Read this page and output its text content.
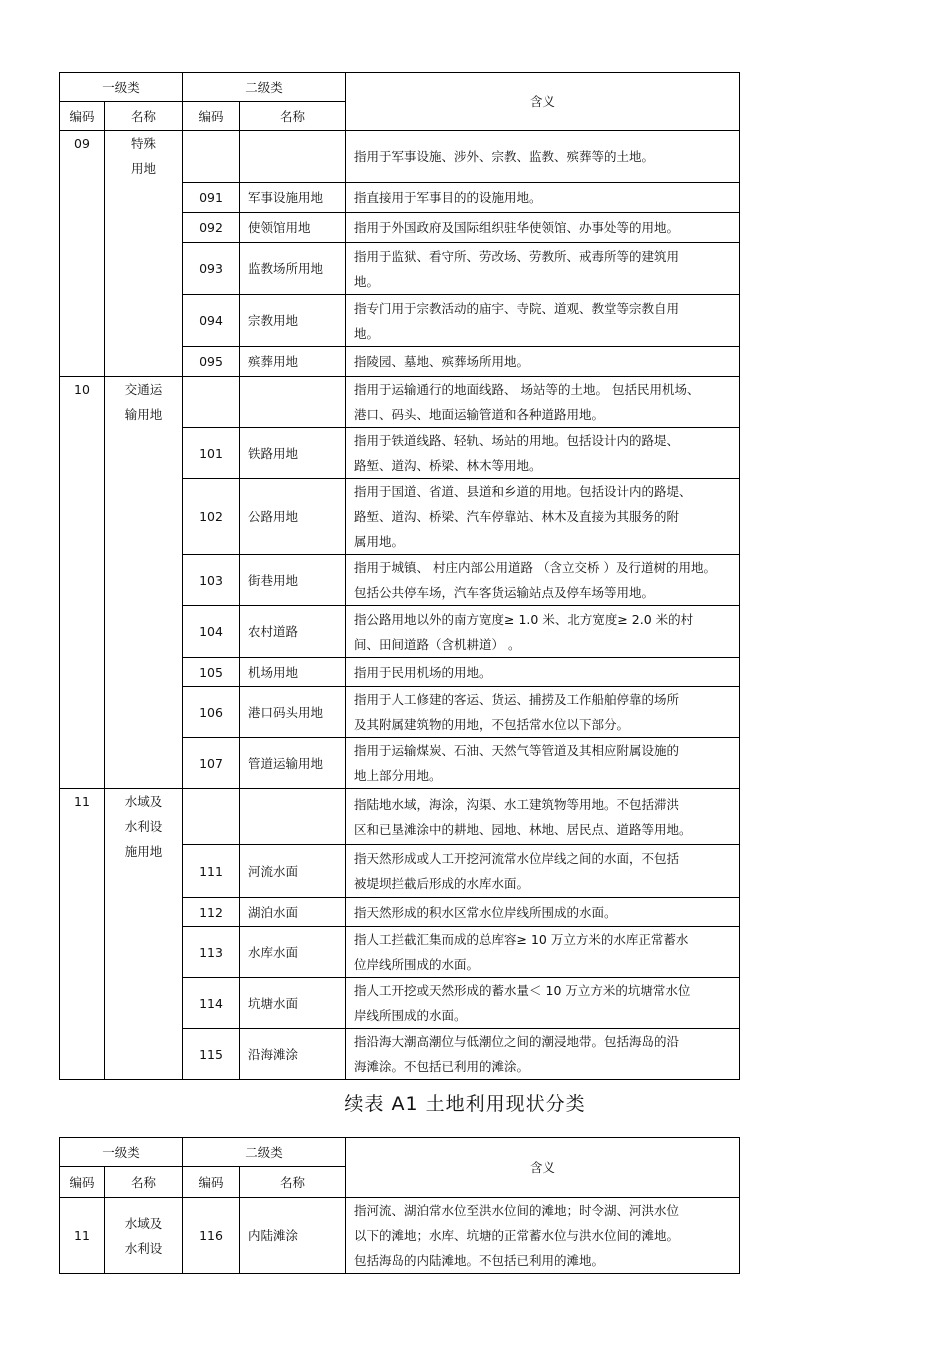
一级类		二级类		含义
编码	名称	编码	名称	
09	特殊
用地			指用于军事设施、涉外、宗教、监教、殡葬等的土地。
		091	军事设施用地	指直接用于军事目的的设施用地。
		092	使领馆用地	指用于外国政府及国际组织驻华使领馆、办事处等的用地。
		093	监教场所用地	指用于监狱、看守所、劳改场、劳教所、戒毒所等的建筑用
地。
		094	宗教用地	指专门用于宗教活动的庙宇、寺院、道观、教堂等宗教自用
地。
		095	殡葬用地	指陵园、墓地、殡葬场所用地。
10	交通运
输用地			指用于运输通行的地面线路、 场站等的土地。 包括民用机场、
港口、码头、地面运输管道和各种道路用地。
		101	铁路用地	指用于铁道线路、轻轨、场站的用地。包括设计内的路堤、
路堑、道沟、桥梁、林木等用地。
		102	公路用地	指用于国道、省道、县道和乡道的用地。包括设计内的路堤、
路堑、道沟、桥梁、汽车停靠站、林木及直接为其服务的附
属用地。
		103	街巷用地	指用于城镇、 村庄内部公用道路 （含立交桥 ）及行道树的用地。
包括公共停车场，汽车客货运输站点及停车场等用地。
		104	农村道路	指公路用地以外的南方宽度≥ 1.0 米、北方宽度≥ 2.0 米的村
间、田间道路（含机耕道） 。
		105	机场用地	指用于民用机场的用地。
		106	港口码头用地	指用于人工修建的客运、货运、捕捞及工作船舶停靠的场所
及其附属建筑物的用地，不包括常水位以下部分。
		107	管道运输用地	指用于运输煤炭、石油、天然气等管道及其相应附属设施的
地上部分用地。
11	水域及
水利设
施用地			指陆地水域，海涂，沟渠、水工建筑物等用地。不包括滞洪
区和已垦滩涂中的耕地、园地、林地、居民点、道路等用地。
		111	河流水面	指天然形成或人工开挖河流常水位岸线之间的水面，不包括
被堤坝拦截后形成的水库水面。
		112	湖泊水面	指天然形成的积水区常水位岸线所围成的水面。
		113	水库水面	指人工拦截汇集而成的总库容≥ 10 万立方米的水库正常蓄水
位岸线所围成的水面。
		114	坑塘水面	指人工开挖或天然形成的蓄水量＜ 10 万立方米的坑塘常水位
岸线所围成的水面。
		115	沿海滩涂	指沿海大潮高潮位与低潮位之间的潮浸地带。包括海岛的沿
海滩涂。不包括已利用的滩涂。
续表 A1 土地利用现状分类
一级类		二级类		含义
编码	名称	编码	名称	
11	水域及
水利设	116	内陆滩涂	指河流、湖泊常水位至洪水位间的滩地；时令湖、河洪水位
以下的滩地；水库、坑塘的正常蓄水位与洪水位间的滩地。
包括海岛的内陆滩地。不包括已利用的滩地。
